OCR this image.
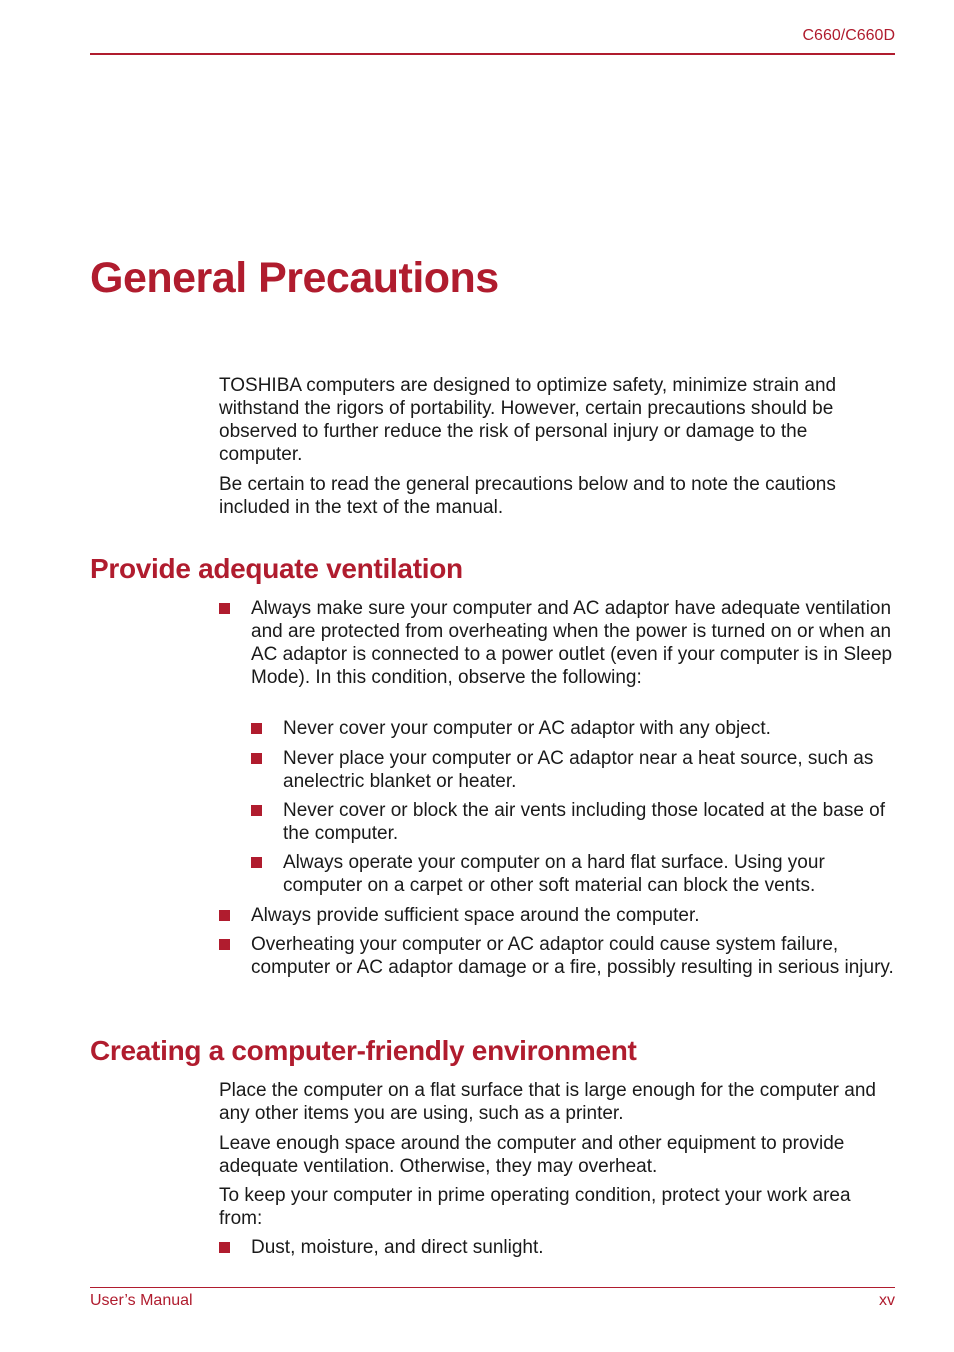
C660/C660D
General Precautions

TOSHIBA computers are designed to optimize safety, minimize strain and withstand the rigors of portability. However, certain precautions should be observed to further reduce the risk of personal injury or damage to the computer.

Be certain to read the general precautions below and to note the cautions included in the text of the manual.

Provide adequate ventilation
Always make sure your computer and AC adaptor have adequate ventilation and are protected from overheating when the power is turned on or when an AC adaptor is connected to a power outlet (even if your computer is in Sleep Mode). In this condition, observe the following:
Never cover your computer or AC adaptor with any object.
Never place your computer or AC adaptor near a heat source, such as anelectric blanket or heater.
Never cover or block the air vents including those located at the base of the computer.
Always operate your computer on a hard flat surface. Using your computer on a carpet or other soft material can block the vents.
Always provide sufficient space around the computer.
Overheating your computer or AC adaptor could cause system failure, computer or AC adaptor damage or a fire, possibly resulting in serious injury.
Creating a computer-friendly environment

Place the computer on a flat surface that is large enough for the computer and any other items you are using, such as a printer.

Leave enough space around the computer and other equipment to provide adequate ventilation. Otherwise, they may overheat.

To keep your computer in prime operating condition, protect your work area from:

Dust, moisture, and direct sunlight.
User’s Manual	xv
